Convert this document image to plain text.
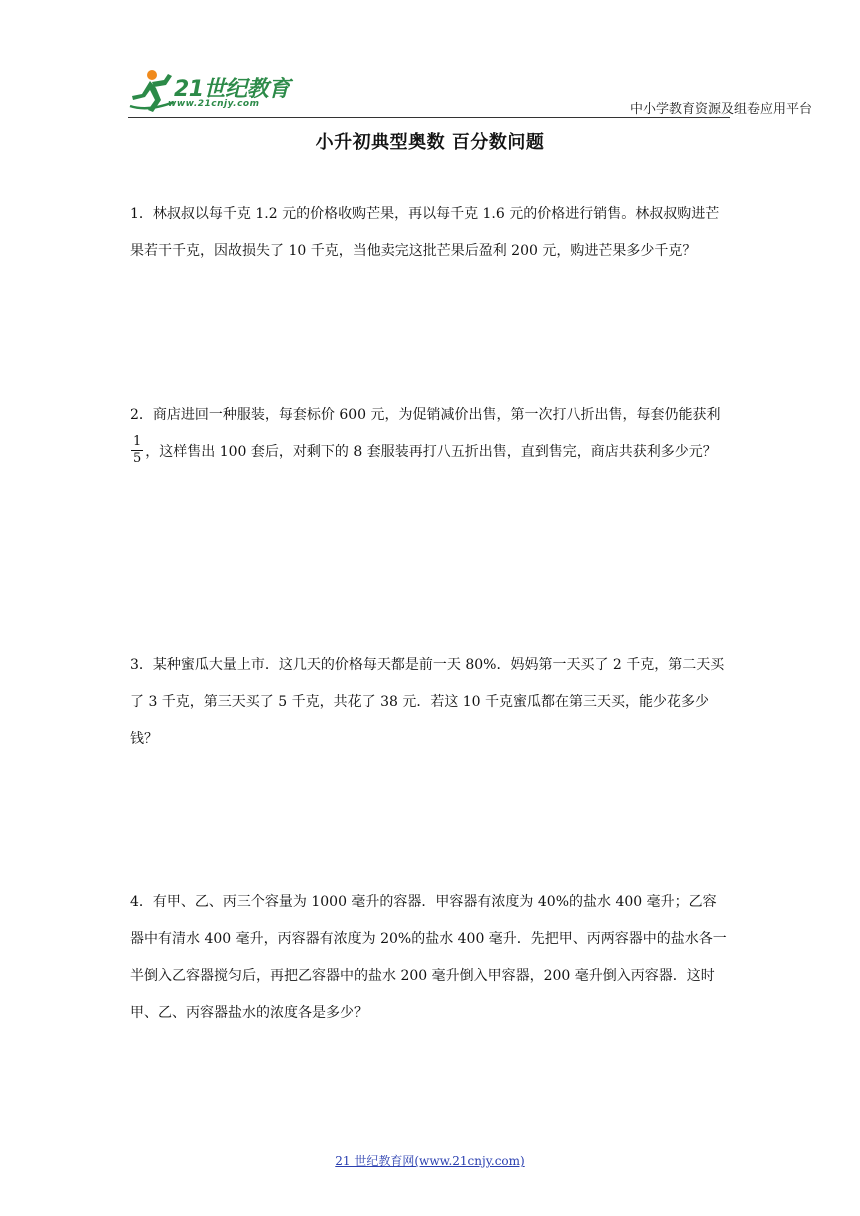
21世纪教育
www.21cnjy.com	中小学教育资源及组卷应用平台
小升初典型奥数 百分数问题
1．林叔叔以每千克 1.2 元的价格收购芒果，再以每千克 1.6 元的价格进行销售。林叔叔购进芒果若干千克，因故损失了 10 千克，当他卖完这批芒果后盈利 200 元，购进芒果多少千克？
2．商店进回一种服装，每套标价 600 元，为促销减价出售，第一次打八折出售，每套仍能获利
$\frac{1}{5}$ ，这样售出 100 套后，对剩下的 8 套服装再打八五折出售，直到售完，商店共获利多少元？
3．某种蜜瓜大量上市．这几天的价格每天都是前一天 80%．妈妈第一天买了 2 千克，第二天买了 3 千克，第三天买了 5 千克，共花了 38 元．若这 10 千克蜜瓜都在第三天买，能少花多少钱？
4．有甲、乙、丙三个容量为 1000 毫升的容器．甲容器有浓度为 40%的盐水 400 毫升；乙容器中有清水 400 毫升，丙容器有浓度为 20%的盐水 400 毫升．先把甲、丙两容器中的盐水各一半倒入乙容器搅匀后，再把乙容器中的盐水 200 毫升倒入甲容器，200 毫升倒入丙容器．这时甲、乙、丙容器盐水的浓度各是多少？
21 世纪教育网(www.21cnjy.com)
